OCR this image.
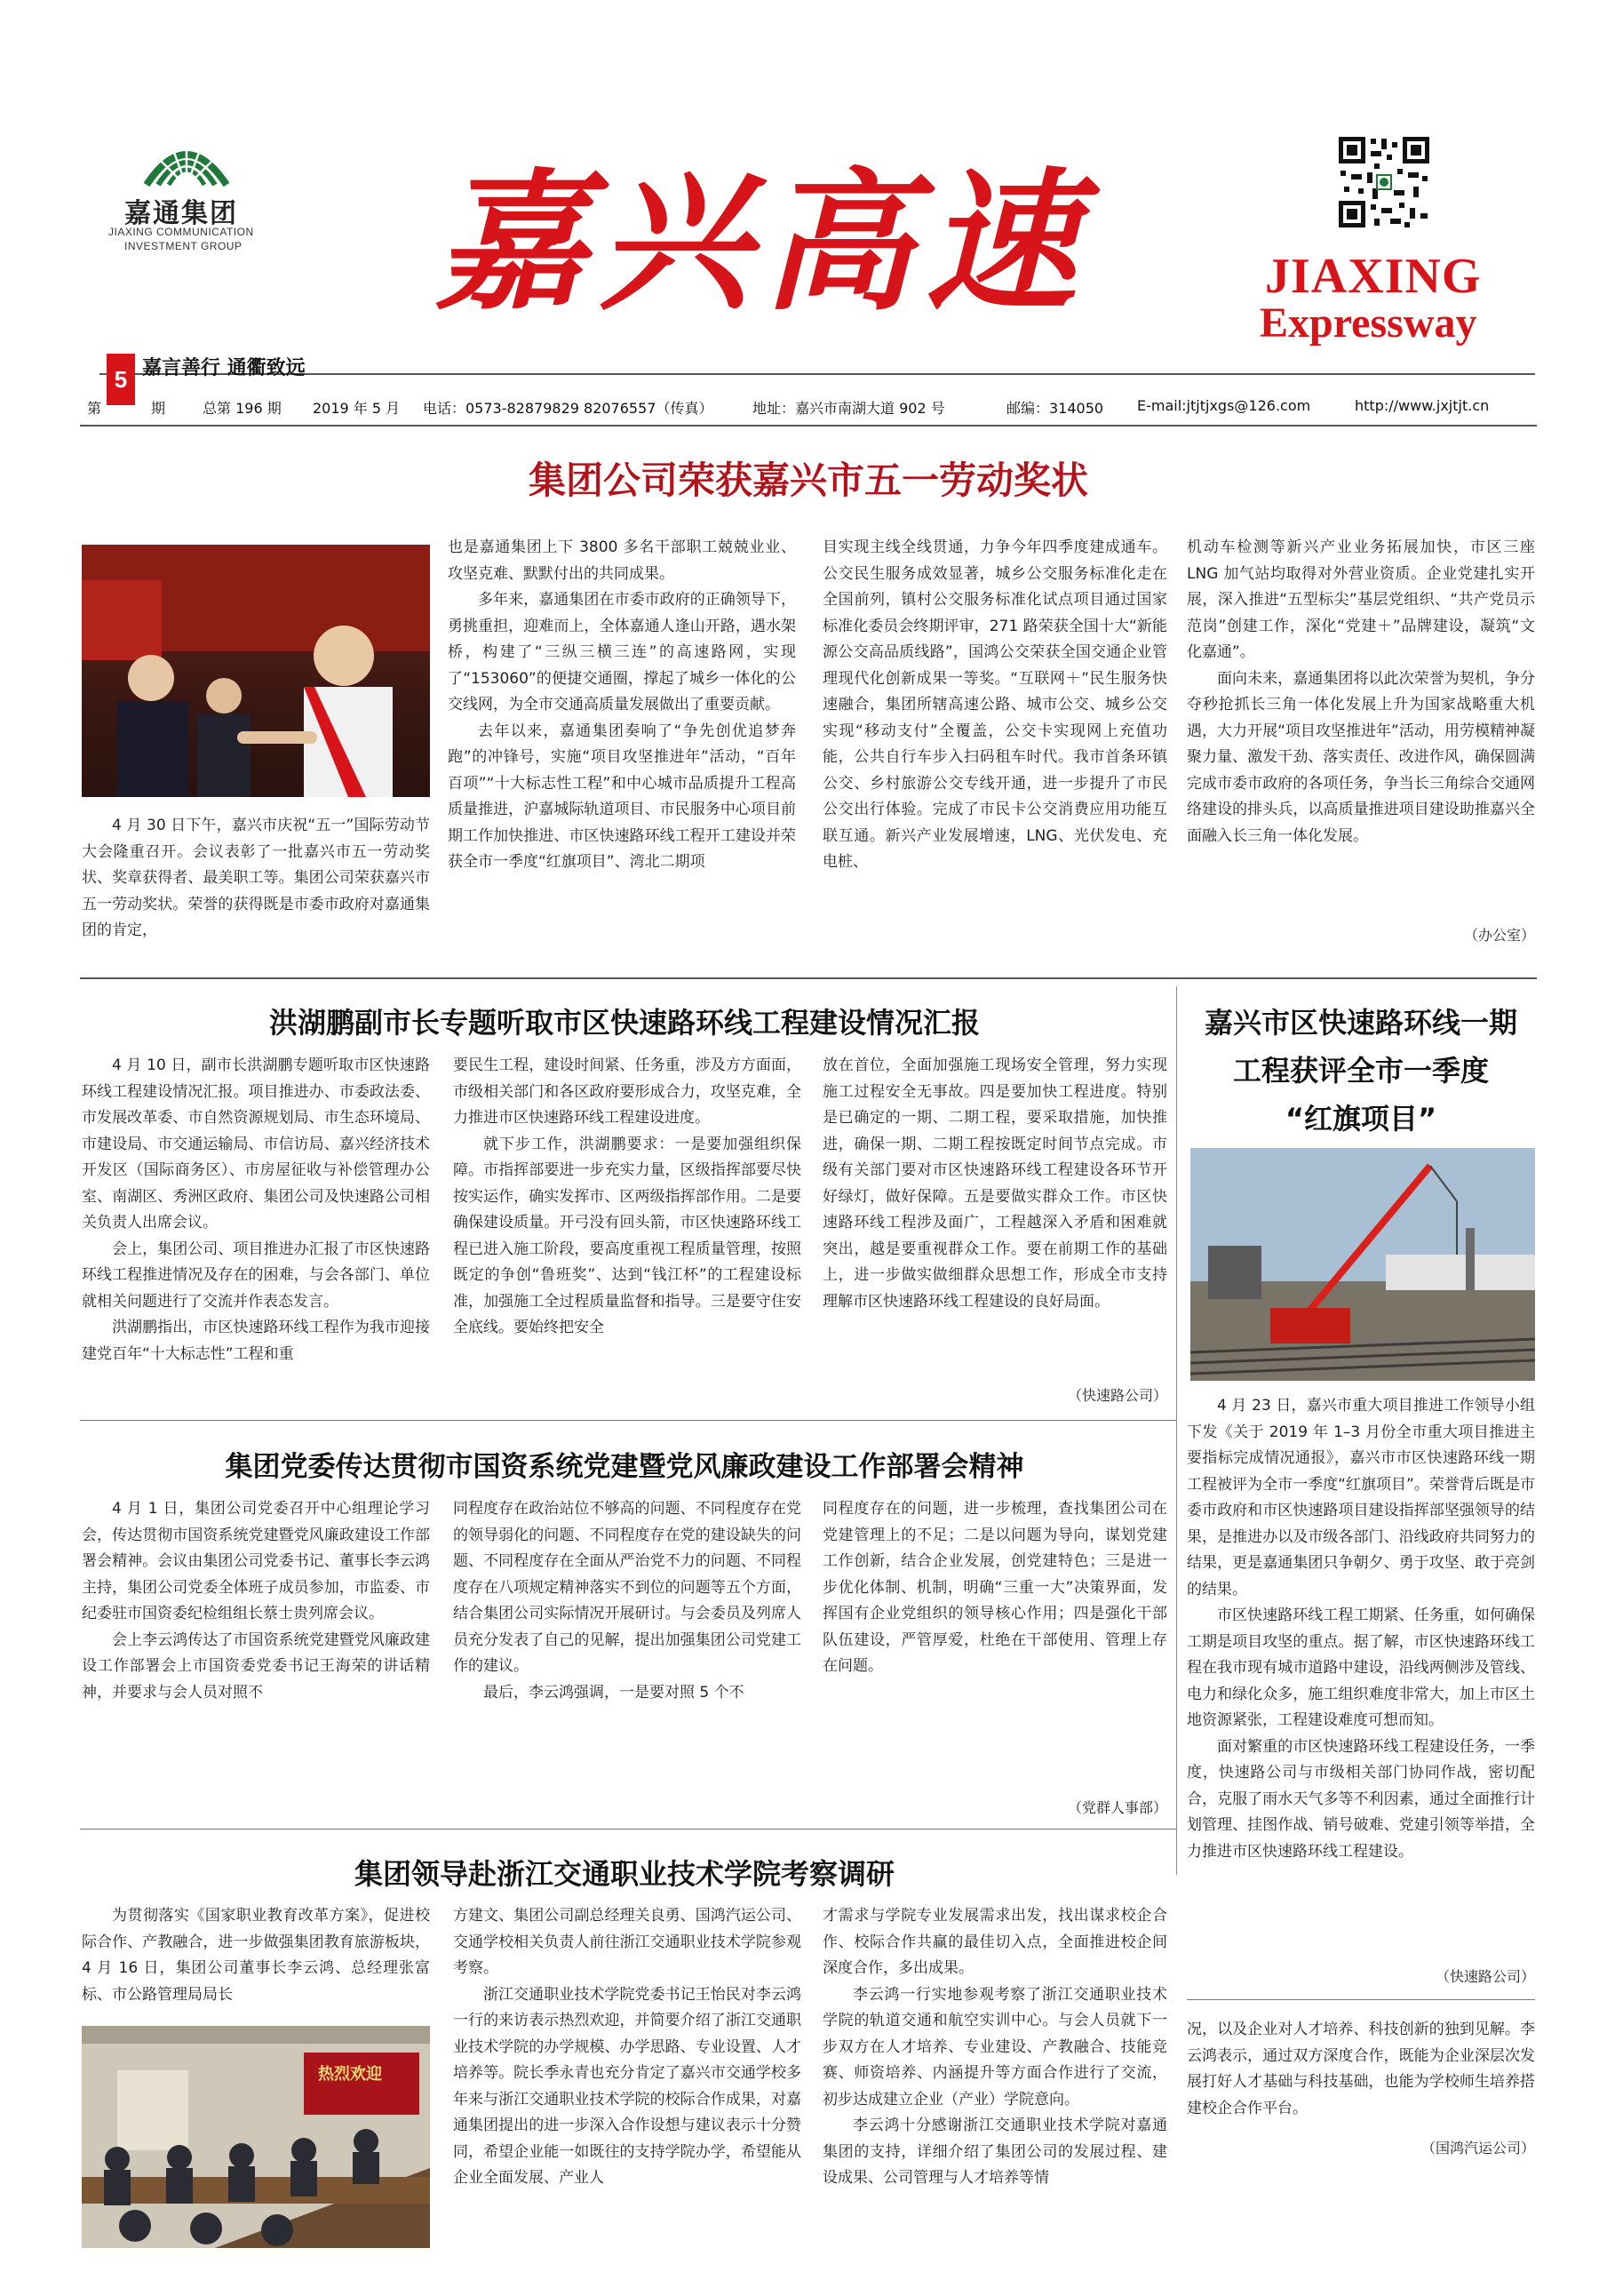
嘉通集团
JIAXING COMMUNICATION
INVESTMENT GROUP 嘉兴高速	JIAXING
Expressway
5 嘉言善行 通衢致远
第	期	总第 196 期 2019 年 5 月 电话：0573-82879829 82076557（传真）	地址：嘉兴市南湖大道 902 号	邮编：314050 E-mail:jtjtjxgs@126.com	http://www.jxjtjt.cn
集团公司荣获嘉兴市五一劳动奖状

4 月 30 日下午，嘉兴市庆祝“五一”国际劳动节大会隆重召开。会议表彰了一批嘉兴市五一劳动奖状、奖章获得者、最美职工等。集团公司荣获嘉兴市五一劳动奖状。荣誉的获得既是市委市政府对嘉通集团的肯定，

也是嘉通集团上下 3800 多名干部职工兢兢业业、攻坚克难、默默付出的共同成果。

多年来，嘉通集团在市委市政府的正确领导下，勇挑重担，迎难而上，全体嘉通人逢山开路，遇水架桥，构建了“三纵三横三连”的高速路网，实现了“153060”的便捷交通圈，撑起了城乡一体化的公交线网，为全市交通高质量发展做出了重要贡献。

去年以来，嘉通集团奏响了“争先创优追梦奔跑”的冲锋号，实施“项目攻坚推进年”活动，“百年百项”“十大标志性工程”和中心城市品质提升工程高质量推进，沪嘉城际轨道项目、市民服务中心项目前期工作加快推进、市区快速路环线工程开工建设并荣获全市一季度“红旗项目”、湾北二期项

目实现主线全线贯通，力争今年四季度建成通车。公交民生服务成效显著，城乡公交服务标准化走在全国前列，镇村公交服务标准化试点项目通过国家标准化委员会终期评审，271 路荣获全国十大“新能源公交高品质线路”，国鸿公交荣获全国交通企业管理现代化创新成果一等奖。“互联网＋”民生服务快速融合，集团所辖高速公路、城市公交、城乡公交实现“移动支付”全覆盖，公交卡实现网上充值功能，公共自行车步入扫码租车时代。我市首条环镇公交、乡村旅游公交专线开通，进一步提升了市民公交出行体验。完成了市民卡公交消费应用功能互联互通。新兴产业发展增速，LNG、光伏发电、充电桩、

机动车检测等新兴产业业务拓展加快，市区三座 LNG 加气站均取得对外营业资质。企业党建扎实开展，深入推进“五型标尖”基层党组织、“共产党员示范岗”创建工作，深化“党建＋”品牌建设，凝筑“文化嘉通”。

面向未来，嘉通集团将以此次荣誉为契机，争分夺秒抢抓长三角一体化发展上升为国家战略重大机遇，大力开展“项目攻坚推进年”活动，用劳模精神凝聚力量、激发干劲、落实责任、改进作风，确保圆满完成市委市政府的各项任务，争当长三角综合交通网络建设的排头兵，以高质量推进项目建设助推嘉兴全面融入长三角一体化发展。

（办公室）
洪湖鹏副市长专题听取市区快速路环线工程建设情况汇报

4 月 10 日，副市长洪湖鹏专题听取市区快速路环线工程建设情况汇报。项目推进办、市委政法委、市发展改革委、市自然资源规划局、市生态环境局、市建设局、市交通运输局、市信访局、嘉兴经济技术开发区（国际商务区）、市房屋征收与补偿管理办公室、南湖区、秀洲区政府、集团公司及快速路公司相关负责人出席会议。

会上，集团公司、项目推进办汇报了市区快速路环线工程推进情况及存在的困难，与会各部门、单位就相关问题进行了交流并作表态发言。

洪湖鹏指出，市区快速路环线工程作为我市迎接建党百年“十大标志性”工程和重

要民生工程，建设时间紧、任务重，涉及方方面面，市级相关部门和各区政府要形成合力，攻坚克难，全力推进市区快速路环线工程建设进度。

就下步工作，洪湖鹏要求：一是要加强组织保障。市指挥部要进一步充实力量，区级指挥部要尽快按实运作，确实发挥市、区两级指挥部作用。二是要确保建设质量。开弓没有回头箭，市区快速路环线工程已进入施工阶段，要高度重视工程质量管理，按照既定的争创“鲁班奖”、达到“钱江杯”的工程建设标准，加强施工全过程质量监督和指导。三是要守住安全底线。要始终把安全

放在首位，全面加强施工现场安全管理，努力实现施工过程安全无事故。四是要加快工程进度。特别是已确定的一期、二期工程，要采取措施，加快推进，确保一期、二期工程按既定时间节点完成。市级有关部门要对市区快速路环线工程建设各环节开好绿灯，做好保障。五是要做实群众工作。市区快速路环线工程涉及面广，工程越深入矛盾和困难就突出，越是要重视群众工作。要在前期工作的基础上，进一步做实做细群众思想工作，形成全市支持理解市区快速路环线工程建设的良好局面。

（快速路公司）
嘉兴市区快速路环线一期
工程获评全市一季度
“红旗项目”

4 月 23 日，嘉兴市重大项目推进工作领导小组下发《关于 2019 年 1–3 月份全市重大项目推进主要指标完成情况通报》，嘉兴市市区快速路环线一期工程被评为全市一季度“红旗项目”。荣誉背后既是市委市政府和市区快速路项目建设指挥部坚强领导的结果，是推进办以及市级各部门、沿线政府共同努力的结果，更是嘉通集团只争朝夕、勇于攻坚、敢于亮剑的结果。

市区快速路环线工程工期紧、任务重，如何确保工期是项目攻坚的重点。据了解，市区快速路环线工程在我市现有城市道路中建设，沿线两侧涉及管线、电力和绿化众多，施工组织难度非常大，加上市区土地资源紧张，工程建设难度可想而知。

面对繁重的市区快速路环线工程建设任务，一季度，快速路公司与市级相关部门协同作战，密切配合，克服了雨水天气多等不利因素，通过全面推行计划管理、挂图作战、销号破难、党建引领等举措，全力推进市区快速路环线工程建设。

（快速路公司）
集团党委传达贯彻市国资系统党建暨党风廉政建设工作部署会精神

4 月 1 日，集团公司党委召开中心组理论学习会，传达贯彻市国资系统党建暨党风廉政建设工作部署会精神。会议由集团公司党委书记、董事长李云鸿主持，集团公司党委全体班子成员参加，市监委、市纪委驻市国资委纪检组组长蔡士贵列席会议。

会上李云鸿传达了市国资系统党建暨党风廉政建设工作部署会上市国资委党委书记王海荣的讲话精神，并要求与会人员对照不

同程度存在政治站位不够高的问题、不同程度存在党的领导弱化的问题、不同程度存在党的建设缺失的问题、不同程度存在全面从严治党不力的问题、不同程度存在八项规定精神落实不到位的问题等五个方面，结合集团公司实际情况开展研讨。与会委员及列席人员充分发表了自己的见解，提出加强集团公司党建工作的建议。

最后，李云鸿强调，一是要对照 5 个不

同程度存在的问题，进一步梳理，查找集团公司在党建管理上的不足；二是以问题为导向，谋划党建工作创新，结合企业发展，创党建特色；三是进一步优化体制、机制，明确“三重一大”决策界面，发挥国有企业党组织的领导核心作用；四是强化干部队伍建设，严管厚爱，杜绝在干部使用、管理上存在问题。

（党群人事部）
集团领导赴浙江交通职业技术学院考察调研

为贯彻落实《国家职业教育改革方案》，促进校际合作、产教融合，进一步做强集团教育旅游板块，4 月 16 日，集团公司董事长李云鸿、总经理张富标、市公路管理局局长

热烈欢迎

方建文、集团公司副总经理关良勇、国鸿汽运公司、交通学校相关负责人前往浙江交通职业技术学院参观考察。

浙江交通职业技术学院党委书记王怡民对李云鸿一行的来访表示热烈欢迎，并简要介绍了浙江交通职业技术学院的办学规模、办学思路、专业设置、人才培养等。院长季永青也充分肯定了嘉兴市交通学校多年来与浙江交通职业技术学院的校际合作成果，对嘉通集团提出的进一步深入合作设想与建议表示十分赞同，希望企业能一如既往的支持学院办学，希望能从企业全面发展、产业人

才需求与学院专业发展需求出发，找出谋求校企合作、校际合作共赢的最佳切入点，全面推进校企间深度合作，多出成果。

李云鸿一行实地参观考察了浙江交通职业技术学院的轨道交通和航空实训中心。与会人员就下一步双方在人才培养、专业建设、产教融合、技能竞赛、师资培养、内涵提升等方面合作进行了交流，初步达成建立企业（产业）学院意向。

李云鸿十分感谢浙江交通职业技术学院对嘉通集团的支持，详细介绍了集团公司的发展过程、建设成果、公司管理与人才培养等情

况，以及企业对人才培养、科技创新的独到见解。李云鸿表示，通过双方深度合作，既能为企业深层次发展打好人才基础与科技基础，也能为学校师生培养搭建校企合作平台。

（国鸿汽运公司）
